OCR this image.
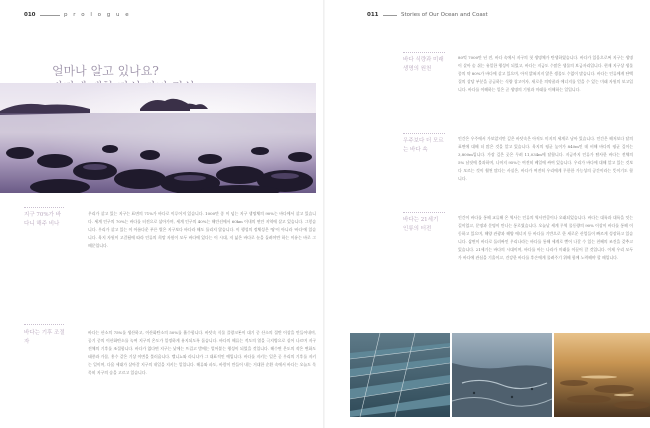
010	p r o l o g u e
얼마나 알고 있나요?
지구 70%가 바다니 해주 비나
우리가 살고 있는 지구는 표면의 71%가 바다로 이루어져 있습니다. 1000만 종 이 넘는 지구 생명체의 90%는 바다에서 살고 있습니다. 세계 인구의 70%는 바다를 터전으로 삼아가며, 세계 인구의 40%는 해안선에서 60km 이내의 연안 지역에 살고 있습니다. 그렇습니다. 우리가 살고 있는 이 아름다운 푸른 별은 지구보다 바다라 해도 틀리지 않습니다. 이 행성의 정체성은 '땅'이 아니라 '바다'에 있습니다. 육지 자원이 고갈됨에 따라 인류의 희망 자원이 모두 바다에 있다는 이 시대, 저 넓은 바다로 눈을 돌려야만 하는 이유는 바로 그 때문입니다.
바다는 기후 조절자
바다는 산소의 75%를 생산하고, 이산화탄소의 50%를 흡수합니다. 바닷속 식물 플랑크톤이 대기 중 산소의 절반 이상을 만들어내며, 공기 중의 이산화탄소를 녹여 지구의 온도가 일정하게 유지되도록 돕습니다. 바다의 해류는 적도의 열을 극지방으로 실어 나르며 지구 전체의 기후를 조절합니다. 바다가 없다면 지구는 낮에는 뜨겁고 밤에는 얼어붙는 행성이 되었을 것입니다. 해수면 온도의 작은 변화도 태풍과 가뭄, 홍수 같은 기상 이변을 불러옵니다. 엘니뇨와 라니냐가 그 대표적인 예입니다. 바다를 지키는 일은 곧 우리의 기후를 지키는 일이며, 다음 세대가 살아갈 지구의 내일을 지키는 일입니다. 해류와 파도, 바람이 만들어 내는 거대한 순환 속에서 바다는 오늘도 묵묵히 지구의 숨을 고르고 있습니다.
011	Stories of Our Ocean and Coast
바다 식량과 미래 생명의 원천
80억 7000만 년 전, 바다 속에서 지구의 첫 생명체가 탄생하였습니다. 바다가 있음으로써 지구는 생명이 살아 숨 쉬는 유일한 행성이 되었고, 바다는 지금도 수많은 생물의 보금자리입니다. 현재 지구상 생물종의 약 80%가 바다에 살고 있으며, 아직 밝혀지지 않은 생물도 수없이 많습니다. 바다는 인류에게 단백질의 상당 부분을 공급하는 식량 창고이자, 새로운 의약품과 에너지를 얻을 수 있는 미래 자원의 보고입니다. 바다를 이해하는 일은 곧 생명의 기원과 미래를 이해하는 일입니다.
우주보다 더 모르는 바다 속
인간은 우주에서 가보았지만 깊은 바닷속은 아직도 미지의 세계로 남아 있습니다. 인간은 해저보다 달의 표면에 대해 더 많은 것을 알고 있습니다. 육지의 평균 높이가 840m인 데 비해 바다의 평균 깊이는 3,800m입니다. 가장 깊은 곳은 무려 11,034m에 달합니다. 지금까지 인류가 탐사한 바다는 전체의 5% 남짓에 불과하며, 나머지 95%는 여전히 베일에 싸여 있습니다. 우리가 바다에 대해 알고 있는 것보다 모르는 것이 훨씬 많다는 사실은, 바다가 여전히 우리에게 무한한 가능성의 공간이라는 뜻이기도 합니다.
바다는 21세기 인류의 터전
인간이 바다를 통해 교류해 온 역사는 인류의 역사만큼이나 오래되었습니다. 바다는 대륙과 대륙을 잇는 길이었고, 문명과 문명이 만나는 통로였습니다. 오늘날 세계 무역 물동량의 90% 이상이 바다를 통해 이동하고 있으며, 해양 관광과 해양 에너지 등 바다를 기반으로 한 새로운 산업들이 빠르게 성장하고 있습니다. 삼면이 바다로 둘러싸인 우리나라는 바다를 통해 세계로 뻗어 나갈 수 있는 천혜의 조건을 갖추고 있습니다. 21세기는 바다의 시대이며, 바다를 아는 나라가 미래를 이끌어 갈 것입니다. 이제 우리 모두가 바다에 관심을 기울이고, 건강한 바다를 후손에게 물려주기 위해 함께 노력해야 할 때입니다.
